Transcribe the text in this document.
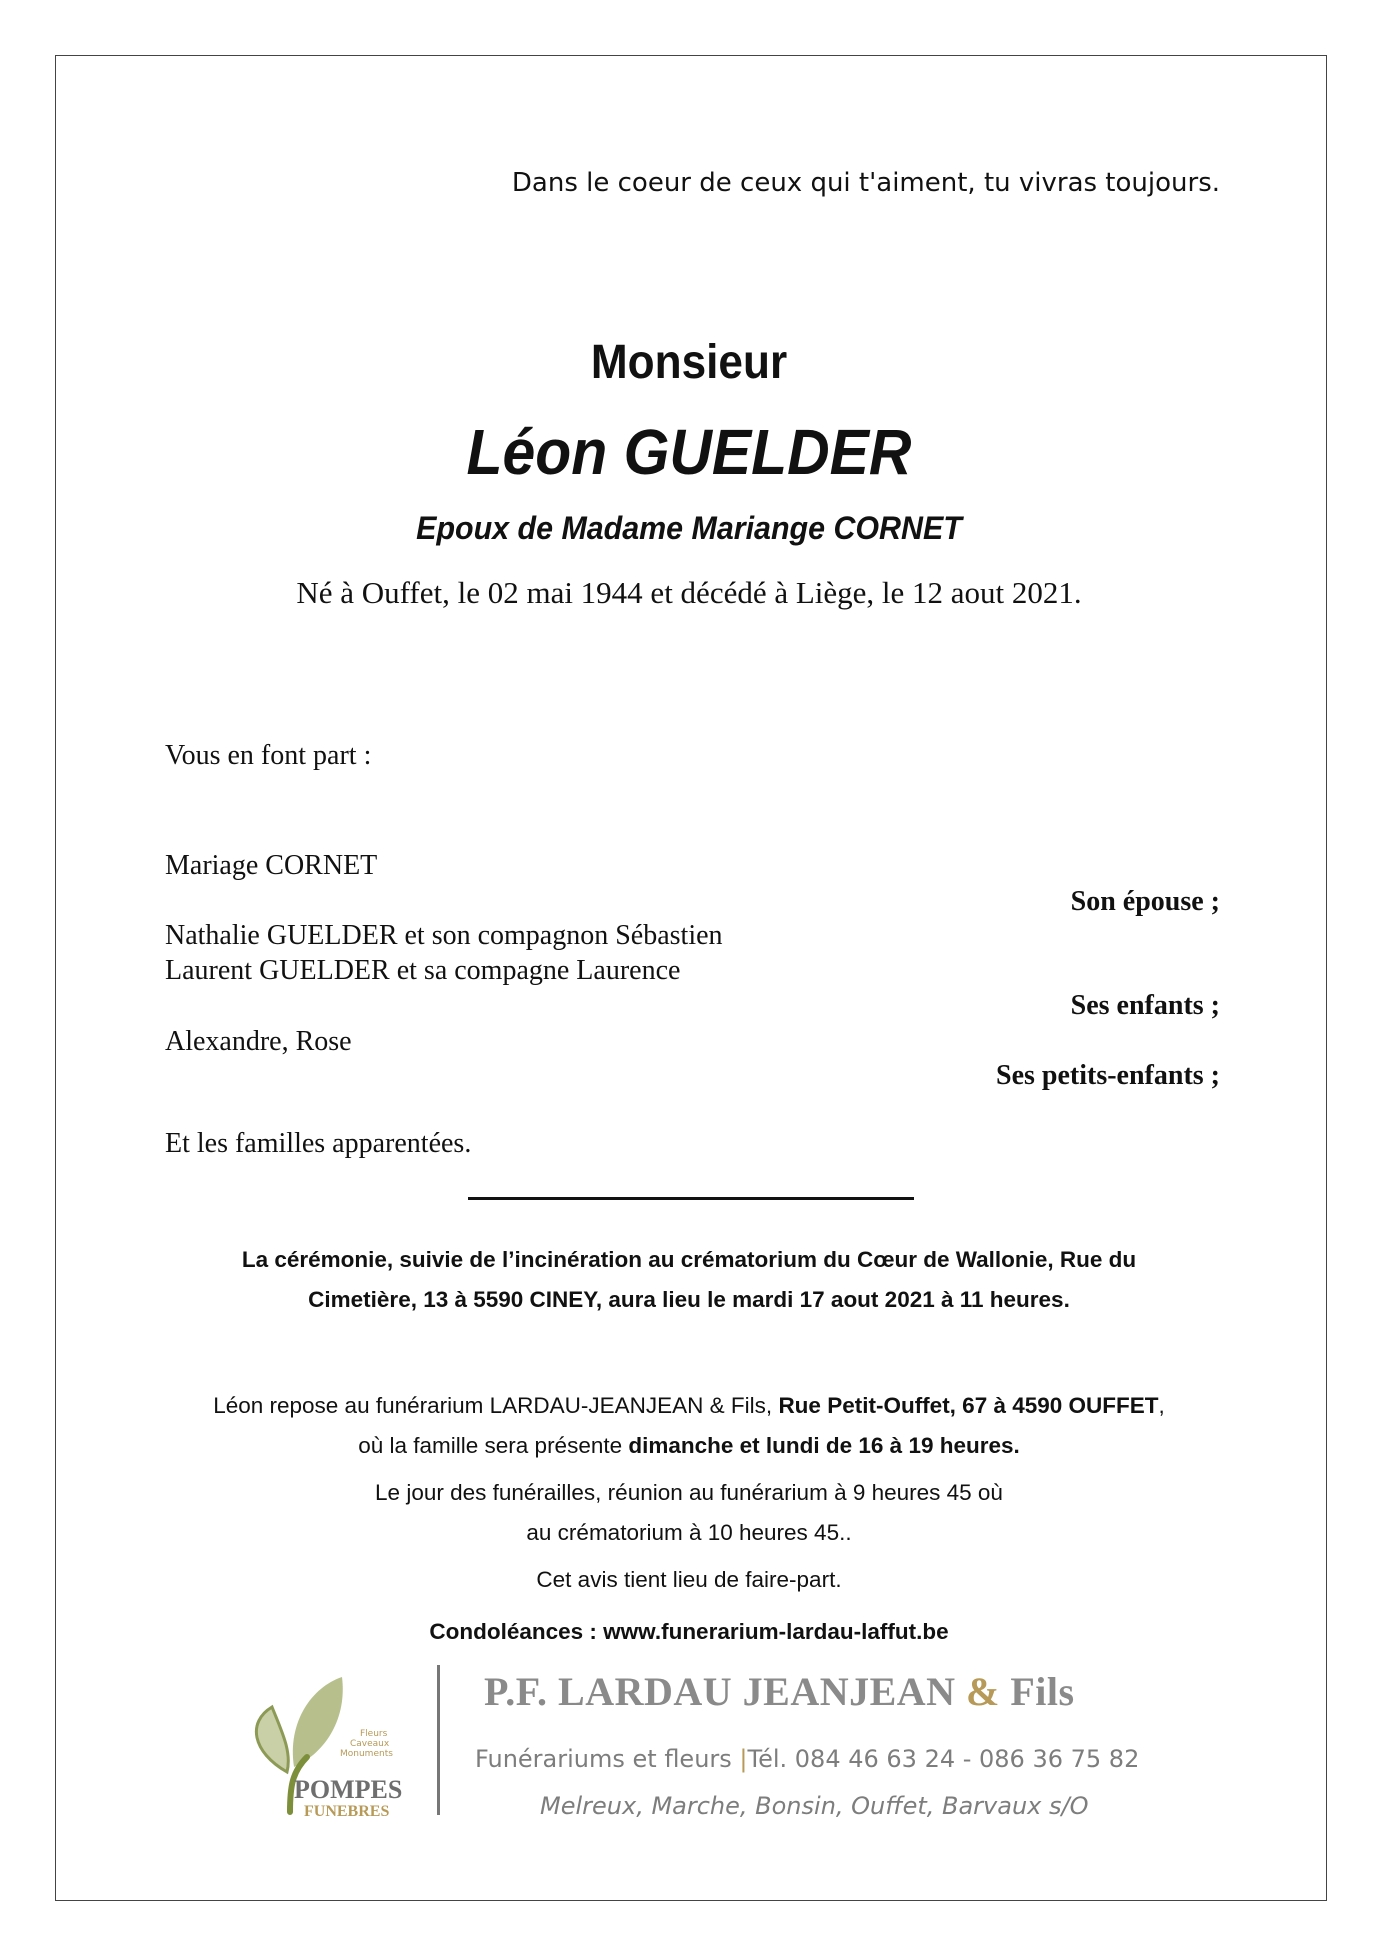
Dans le coeur de ceux qui t'aiment, tu vivras toujours.
Monsieur
Léon GUELDER
Epoux de Madame Mariange CORNET
Né à Ouffet, le 02 mai 1944 et décédé à Liège, le 12 aout 2021.
Vous en font part :
Mariage CORNET
Son épouse ;
Nathalie GUELDER et son compagnon Sébastien
Laurent GUELDER et sa compagne Laurence
Ses enfants ;
Alexandre, Rose
Ses petits-enfants ;
Et les familles apparentées.
La cérémonie, suivie de l’incinération au crématorium du Cœur de Wallonie, Rue du
Cimetière, 13 à 5590 CINEY, aura lieu le mardi 17 aout 2021 à 11 heures.
Léon repose au funérarium LARDAU-JEANJEAN & Fils, Rue Petit-Ouffet, 67 à 4590 OUFFET,
où la famille sera présente dimanche et lundi de 16 à 19 heures.
Le jour des funérailles, réunion au funérarium à 9 heures 45 où
au crématorium à 10 heures 45..
Cet avis tient lieu de faire-part.
Condoléances : www.funerarium-lardau-laffut.be
Fleurs
Caveaux
Monuments
POMPES
FUNEBRES
P.F. LARDAU JEANJEAN & Fils
Funérariums et fleurs |Tél. 084 46 63 24 - 086 36 75 82
Melreux, Marche, Bonsin, Ouffet, Barvaux s/O
